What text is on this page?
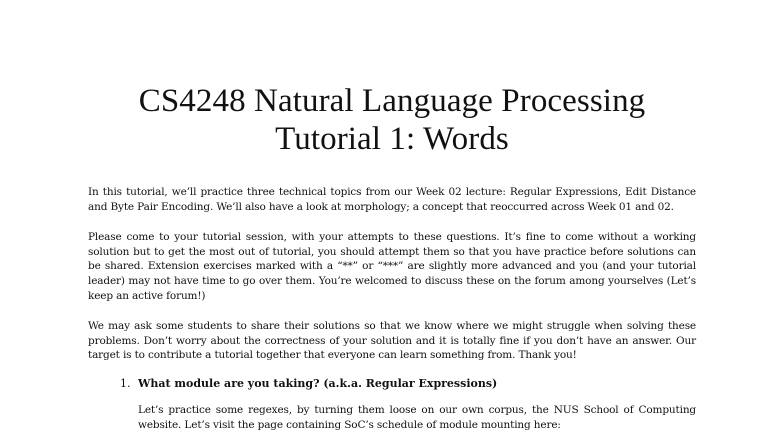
CS4248 Natural Language Processing
Tutorial 1: Words

In this tutorial, we’ll practice three technical topics from our Week 02 lecture: Regular Expressions, Edit Distance and Byte Pair Encoding. We’ll also have a look at morphology; a concept that reoccurred across Week 01 and 02.

Please come to your tutorial session, with your attempts to these questions. It’s fine to come without a working solution but to get the most out of tutorial, you should attempt them so that you have practice before solutions can be shared. Extension exercises marked with a “**” or “***” are slightly more advanced and you (and your tutorial leader) may not have time to go over them. You’re welcomed to discuss these on the forum among yourselves (Let’s keep an active forum!)

We may ask some students to share their solutions so that we know where we might struggle when solving these problems. Don’t worry about the correctness of your solution and it is totally fine if you don’t have an answer. Our target is to contribute a tutorial together that everyone can learn something from. Thank you!

1. What module are you taking? (a.k.a. Regular Expressions)

Let’s practice some regexes, by turning them loose on our own corpus, the NUS School of Computing website. Let’s visit the page containing SoC’s schedule of module mounting here:
